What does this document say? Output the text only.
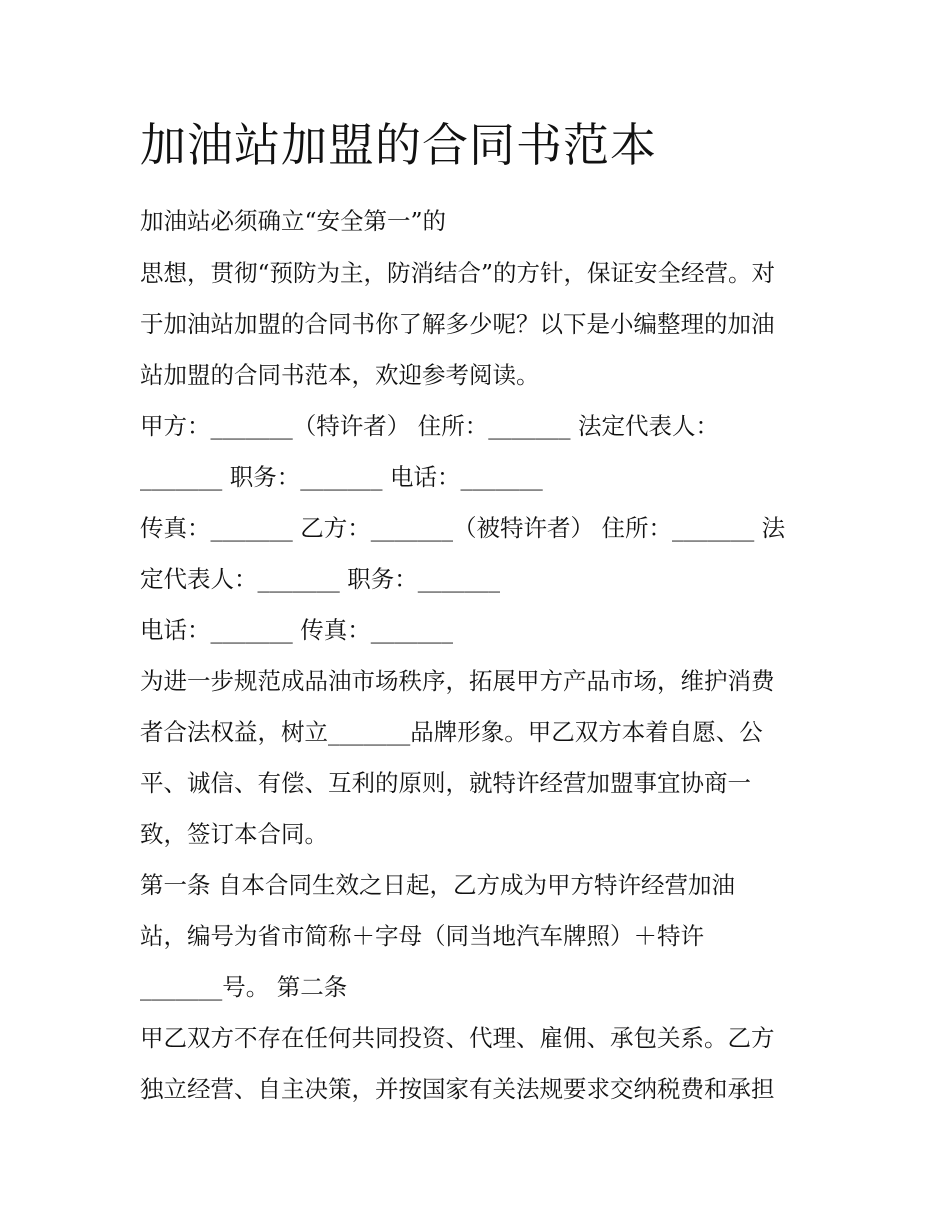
加油站加盟的合同书范本
加油站必须确立“安全第一”的
思想，贯彻“预防为主，防消结合”的方针，保证安全经营。对
于加油站加盟的合同书你了解多少呢？以下是小编整理的加油
站加盟的合同书范本，欢迎参考阅读。
甲方：_______（特许者） 住所：_______ 法定代表人：
_______ 职务：_______ 电话：_______
传真：_______ 乙方：_______（被特许者） 住所：_______ 法
定代表人：_______ 职务：_______
电话：_______ 传真：_______
为进一步规范成品油市场秩序，拓展甲方产品市场，维护消费
者合法权益，树立_______品牌形象。甲乙双方本着自愿、公
平、诚信、有偿、互利的原则，就特许经营加盟事宜协商一
致，签订本合同。
第一条 自本合同生效之日起，乙方成为甲方特许经营加油
站，编号为省市简称＋字母（同当地汽车牌照）＋特许
_______号。 第二条
甲乙双方不存在任何共同投资、代理、雇佣、承包关系。乙方
独立经营、自主决策，并按国家有关法规要求交纳税费和承担
